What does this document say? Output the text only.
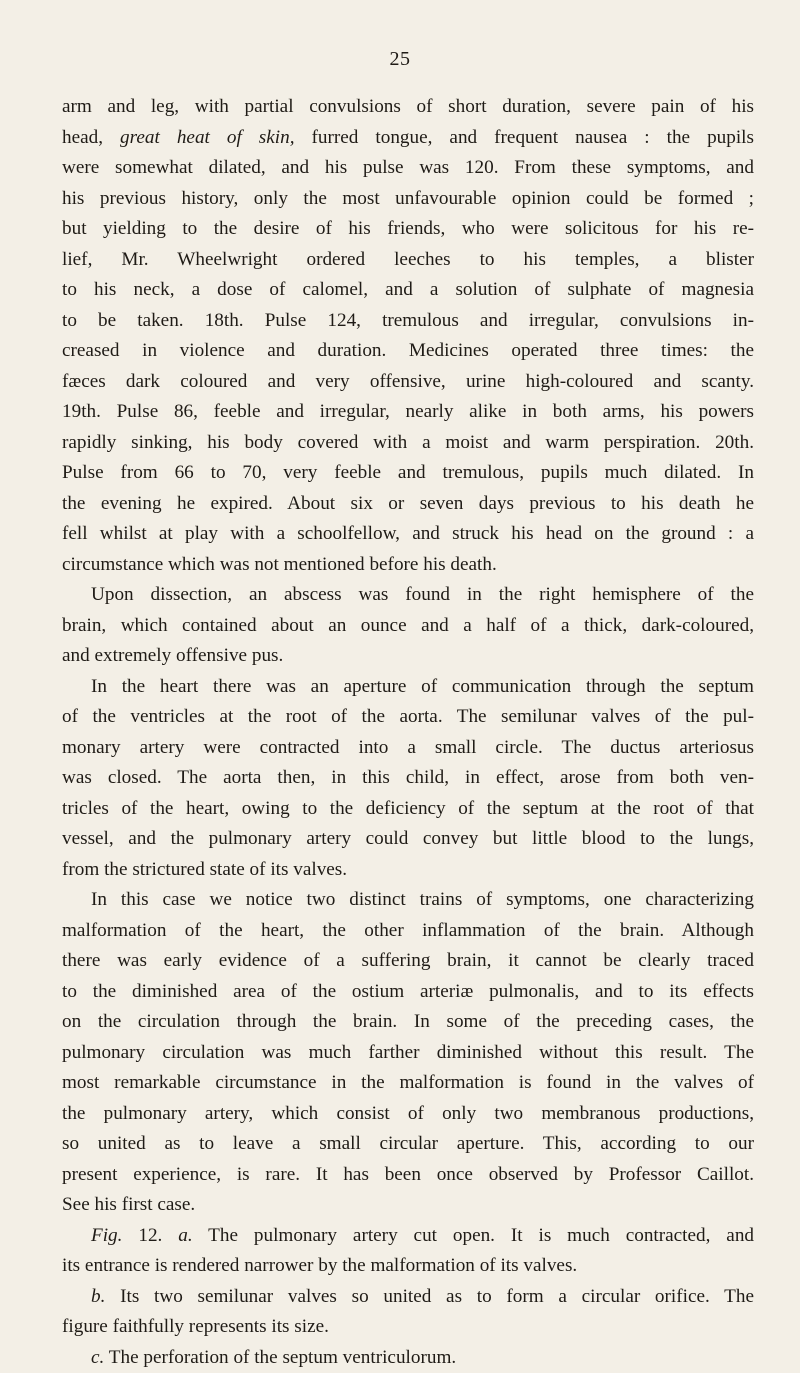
25
arm and leg, with partial convulsions of short duration, severe pain of his
head, great heat of skin, furred tongue, and frequent nausea : the pupils
were somewhat dilated, and his pulse was 120. From these symptoms, and
his previous history, only the most unfavourable opinion could be formed ;
but yielding to the desire of his friends, who were solicitous for his re-
lief, Mr. Wheelwright ordered leeches to his temples, a blister
to his neck, a dose of calomel, and a solution of sulphate of magnesia
to be taken. 18th. Pulse 124, tremulous and irregular, convulsions in-
creased in violence and duration. Medicines operated three times: the
fæces dark coloured and very offensive, urine high-coloured and scanty.
19th. Pulse 86, feeble and irregular, nearly alike in both arms, his powers
rapidly sinking, his body covered with a moist and warm perspiration. 20th.
Pulse from 66 to 70, very feeble and tremulous, pupils much dilated. In
the evening he expired. About six or seven days previous to his death he
fell whilst at play with a schoolfellow, and struck his head on the ground : a
circumstance which was not mentioned before his death.
Upon dissection, an abscess was found in the right hemisphere of the
brain, which contained about an ounce and a half of a thick, dark-coloured,
and extremely offensive pus.
In the heart there was an aperture of communication through the septum
of the ventricles at the root of the aorta. The semilunar valves of the pul-
monary artery were contracted into a small circle. The ductus arteriosus
was closed. The aorta then, in this child, in effect, arose from both ven-
tricles of the heart, owing to the deficiency of the septum at the root of that
vessel, and the pulmonary artery could convey but little blood to the lungs,
from the strictured state of its valves.
In this case we notice two distinct trains of symptoms, one characterizing
malformation of the heart, the other inflammation of the brain. Although
there was early evidence of a suffering brain, it cannot be clearly traced
to the diminished area of the ostium arteriæ pulmonalis, and to its effects
on the circulation through the brain. In some of the preceding cases, the
pulmonary circulation was much farther diminished without this result. The
most remarkable circumstance in the malformation is found in the valves of
the pulmonary artery, which consist of only two membranous productions,
so united as to leave a small circular aperture. This, according to our
present experience, is rare. It has been once observed by Professor Caillot.
See his first case.
Fig. 12. a. The pulmonary artery cut open. It is much contracted, and
its entrance is rendered narrower by the malformation of its valves.
b. Its two semilunar valves so united as to form a circular orifice. The
figure faithfully represents its size.
c. The perforation of the septum ventriculorum.
